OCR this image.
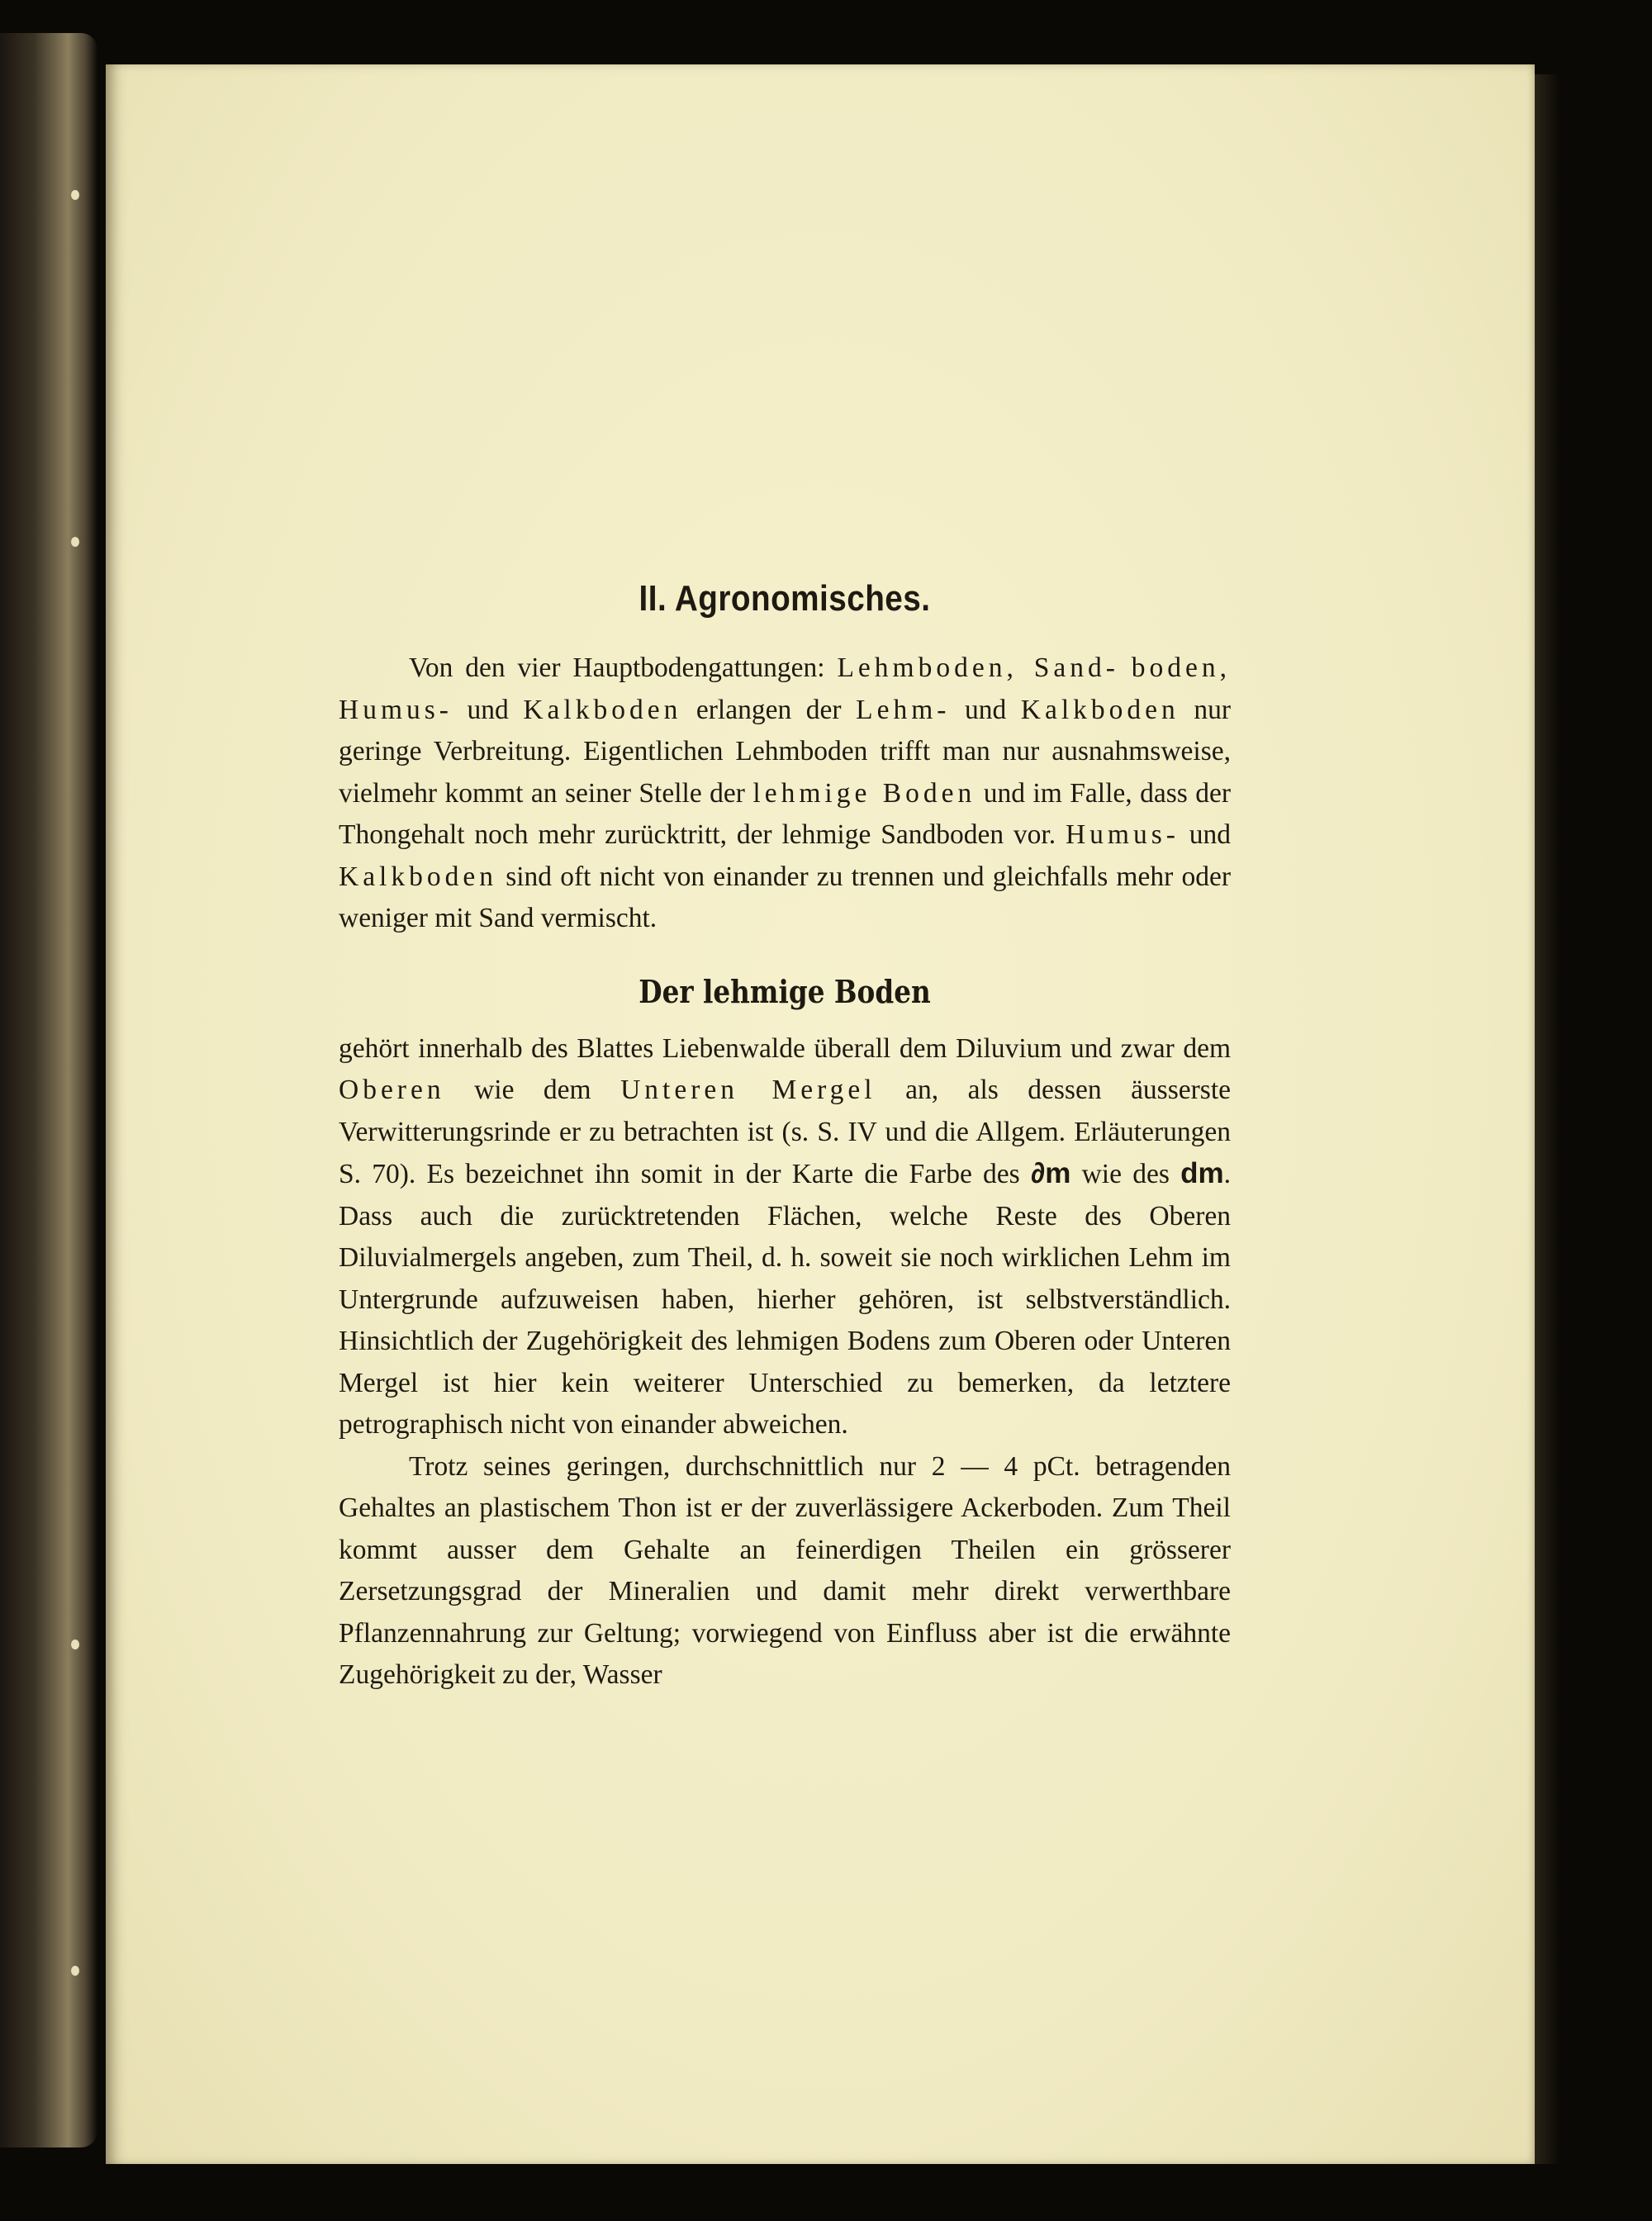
II. Agronomisches.

Von den vier Hauptbodengattungen: Lehmboden, Sand- boden, Humus- und Kalkboden erlangen der Lehm- und Kalkboden nur geringe Verbreitung. Eigentlichen Lehmboden trifft man nur ausnahmsweise, vielmehr kommt an seiner Stelle der lehmige Boden und im Falle, dass der Thongehalt noch mehr zurücktritt, der lehmige Sandboden vor. Humus- und Kalkboden sind oft nicht von einander zu trennen und gleichfalls mehr oder weniger mit Sand vermischt.

Der lehmige Boden

gehört innerhalb des Blattes Liebenwalde überall dem Diluvium und zwar dem Oberen wie dem Unteren Mergel an, als dessen äusserste Verwitterungsrinde er zu betrachten ist (s. S. IV und die Allgem. Erläuterungen S. 70). Es bezeichnet ihn somit in der Karte die Farbe des ∂m wie des dm. Dass auch die zurücktretenden Flächen, welche Reste des Oberen Diluvialmergels angeben, zum Theil, d. h. soweit sie noch wirklichen Lehm im Untergrunde aufzuweisen haben, hierher gehören, ist selbstverständlich. Hinsichtlich der Zugehörigkeit des lehmigen Bodens zum Oberen oder Unteren Mergel ist hier kein weiterer Unterschied zu bemerken, da letztere petrographisch nicht von einander abweichen.

Trotz seines geringen, durchschnittlich nur 2 — 4 pCt. betragenden Gehaltes an plastischem Thon ist er der zuverlässigere Ackerboden. Zum Theil kommt ausser dem Gehalte an feinerdigen Theilen ein grösserer Zersetzungsgrad der Mineralien und damit mehr direkt verwerthbare Pflanzennahrung zur Geltung; vorwiegend von Einfluss aber ist die erwähnte Zugehörigkeit zu der, Wasser
